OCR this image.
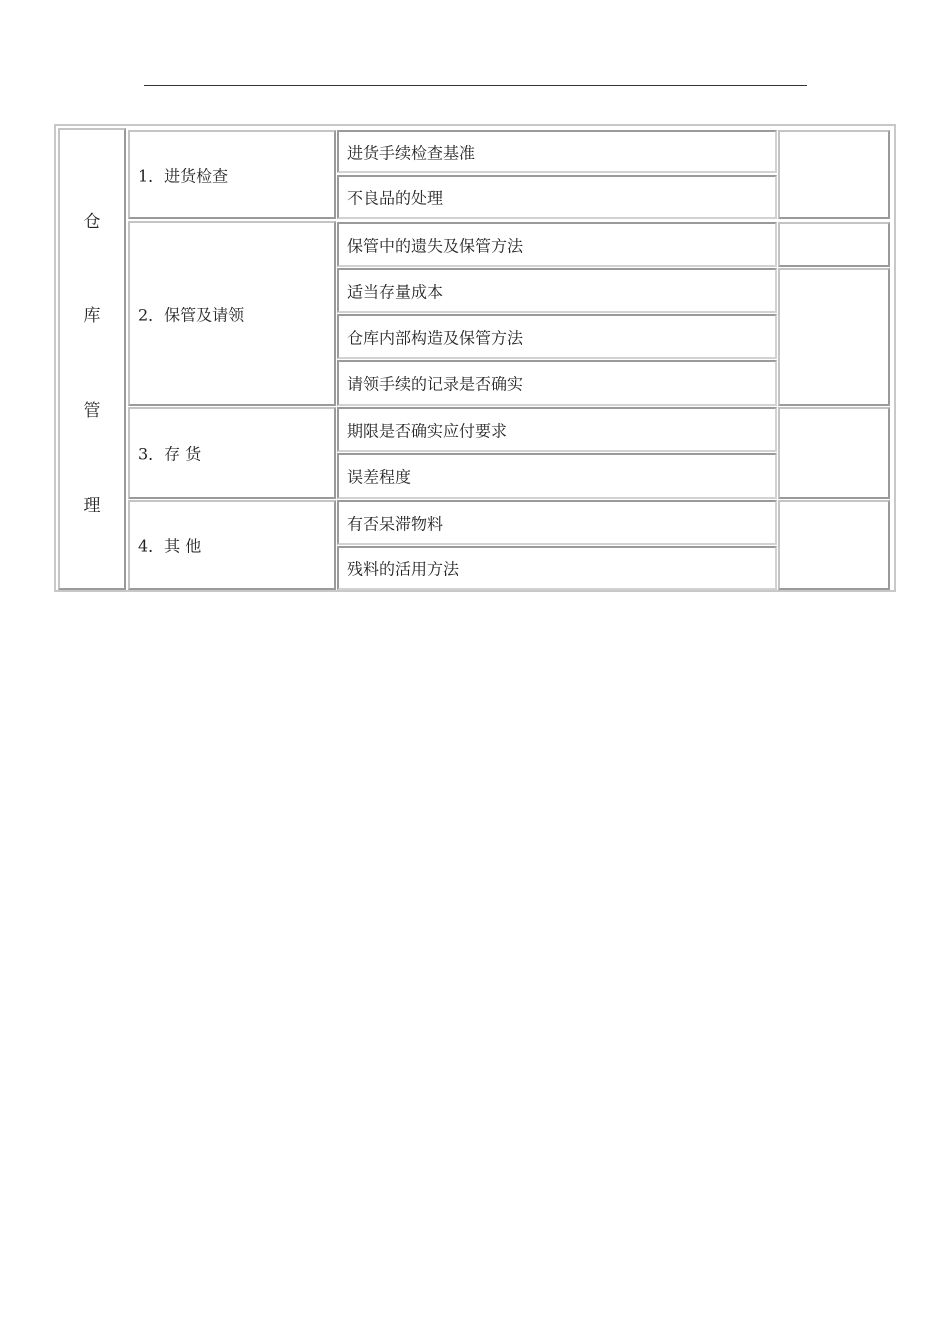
仓
库
管
理
1．进货检查
进货手续检查基准
不良品的处理
2．保管及请领
保管中的遗失及保管方法
适当存量成本
仓库内部构造及保管方法
请领手续的记录是否确实
3．存 货
期限是否确实应付要求
误差程度
4．其 他
有否呆滞物料
残料的活用方法
